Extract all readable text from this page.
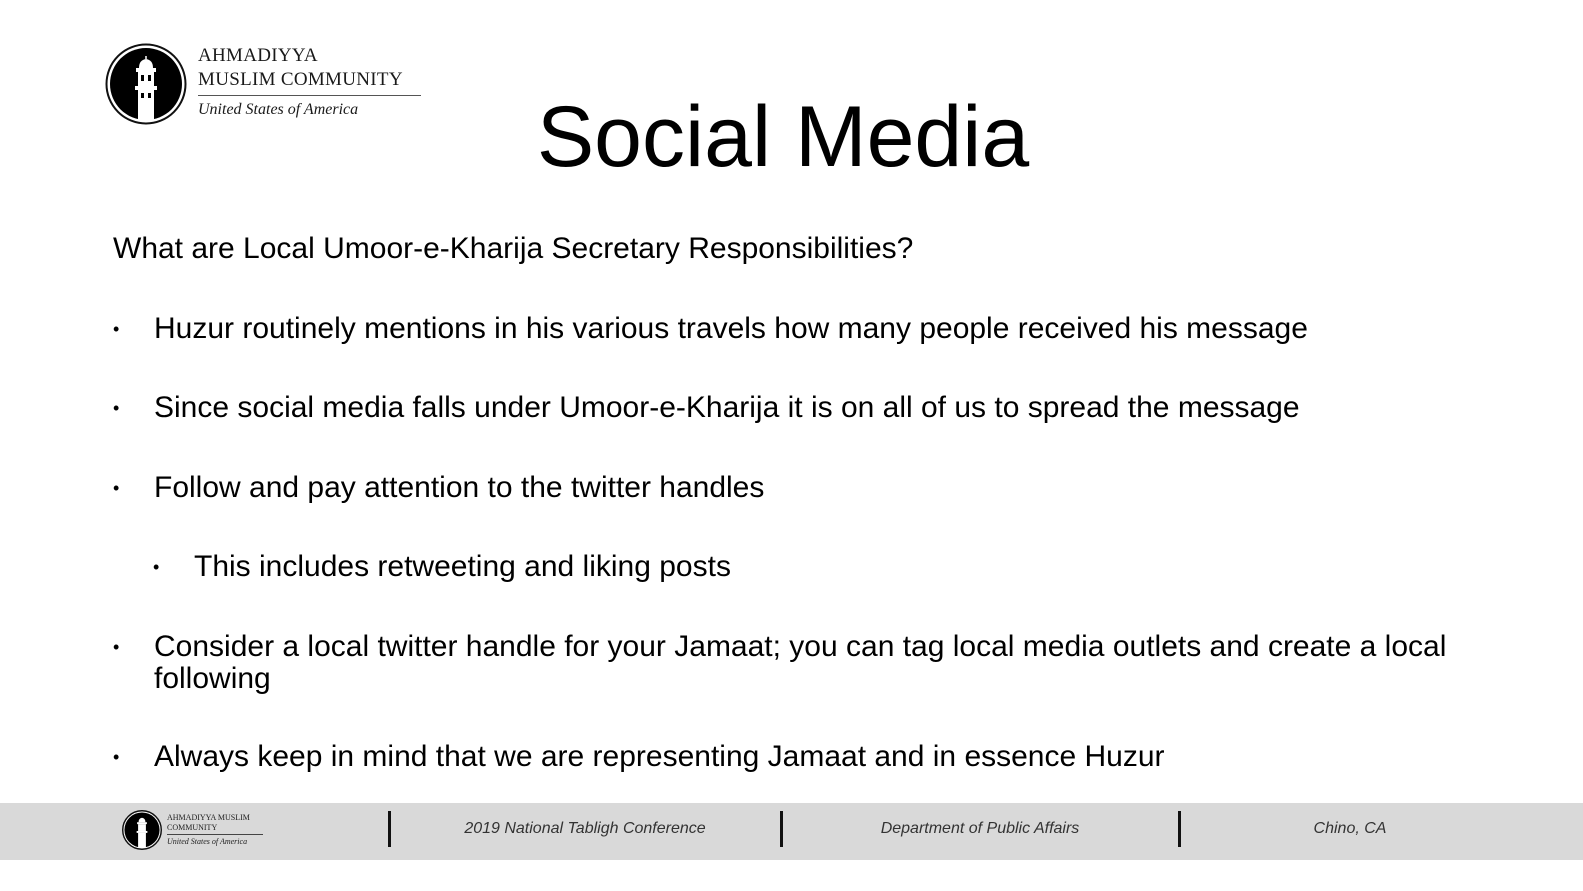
AHMADIYYA
MUSLIM COMMUNITY
United States of America	Social Media
What are Local Umoor-e-Kharija Secretary Responsibilities?
• Huzur routinely mentions in his various travels how many people received his message
• Since social media falls under Umoor-e-Kharija it is on all of us to spread the message
• Follow and pay attention to the twitter handles
• This includes retweeting and liking posts
• Consider a local twitter handle for your Jamaat; you can tag local media outlets and create a local following
• Always keep in mind that we are representing Jamaat and in essence Huzur
AHMADIYYA MUSLIM
COMMUNITY
United States of America
2019 National Tabligh Conference	Department of Public Affairs	Chino, CA
